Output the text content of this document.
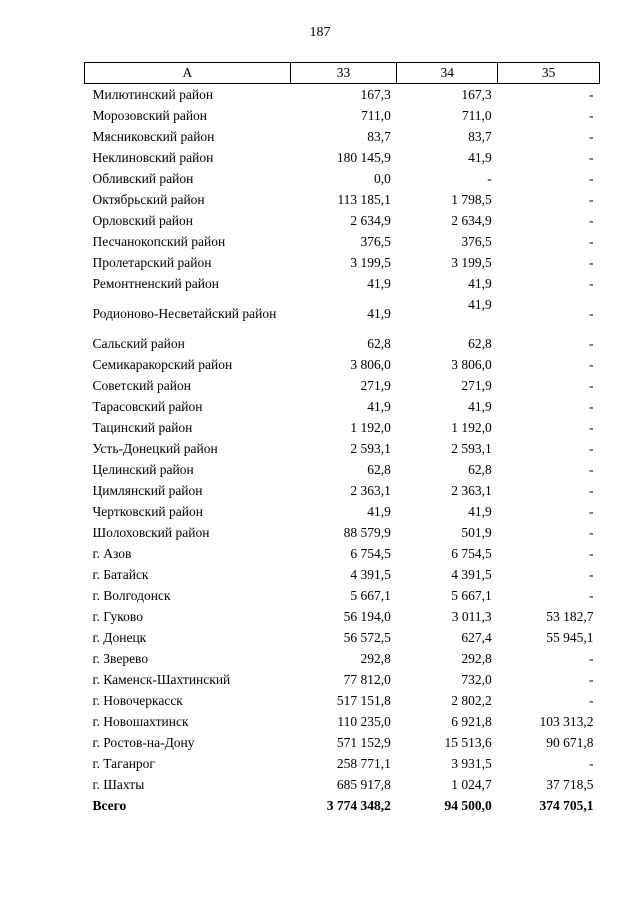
187
А	33	34	35
Милютинский район	167,3	167,3	-
Морозовский район	711,0	711,0	-
Мясниковский район	83,7	83,7	-
Неклиновский район	180 145,9	41,9	-
Обливский район	0,0	-	-
Октябрьский район	113 185,1	1 798,5	-
Орловский район	2 634,9	2 634,9	-
Песчанокопский район	376,5	376,5	-
Пролетарский район	3 199,5	3 199,5	-
Ремонтненский район	41,9	41,9	-
Родионово-Несветайский район	41,9	41,9	-
Сальский район	62,8	62,8	-
Семикаракорский район	3 806,0	3 806,0	-
Советский район	271,9	271,9	-
Тарасовский район	41,9	41,9	-
Тацинский район	1 192,0	1 192,0	-
Усть-Донецкий район	2 593,1	2 593,1	-
Целинский район	62,8	62,8	-
Цимлянский район	2 363,1	2 363,1	-
Чертковский район	41,9	41,9	-
Шолоховский район	88 579,9	501,9	-
г. Азов	6 754,5	6 754,5	-
г. Батайск	4 391,5	4 391,5	-
г. Волгодонск	5 667,1	5 667,1	-
г. Гуково	56 194,0	3 011,3	53 182,7
г. Донецк	56 572,5	627,4	55 945,1
г. Зверево	292,8	292,8	-
г. Каменск-Шахтинский	77 812,0	732,0	-
г. Новочеркасск	517 151,8	2 802,2	-
г. Новошахтинск	110 235,0	6 921,8	103 313,2
г. Ростов-на-Дону	571 152,9	15 513,6	90 671,8
г. Таганрог	258 771,1	3 931,5	-
г. Шахты	685 917,8	1 024,7	37 718,5
Всего	3 774 348,2	94 500,0	374 705,1
